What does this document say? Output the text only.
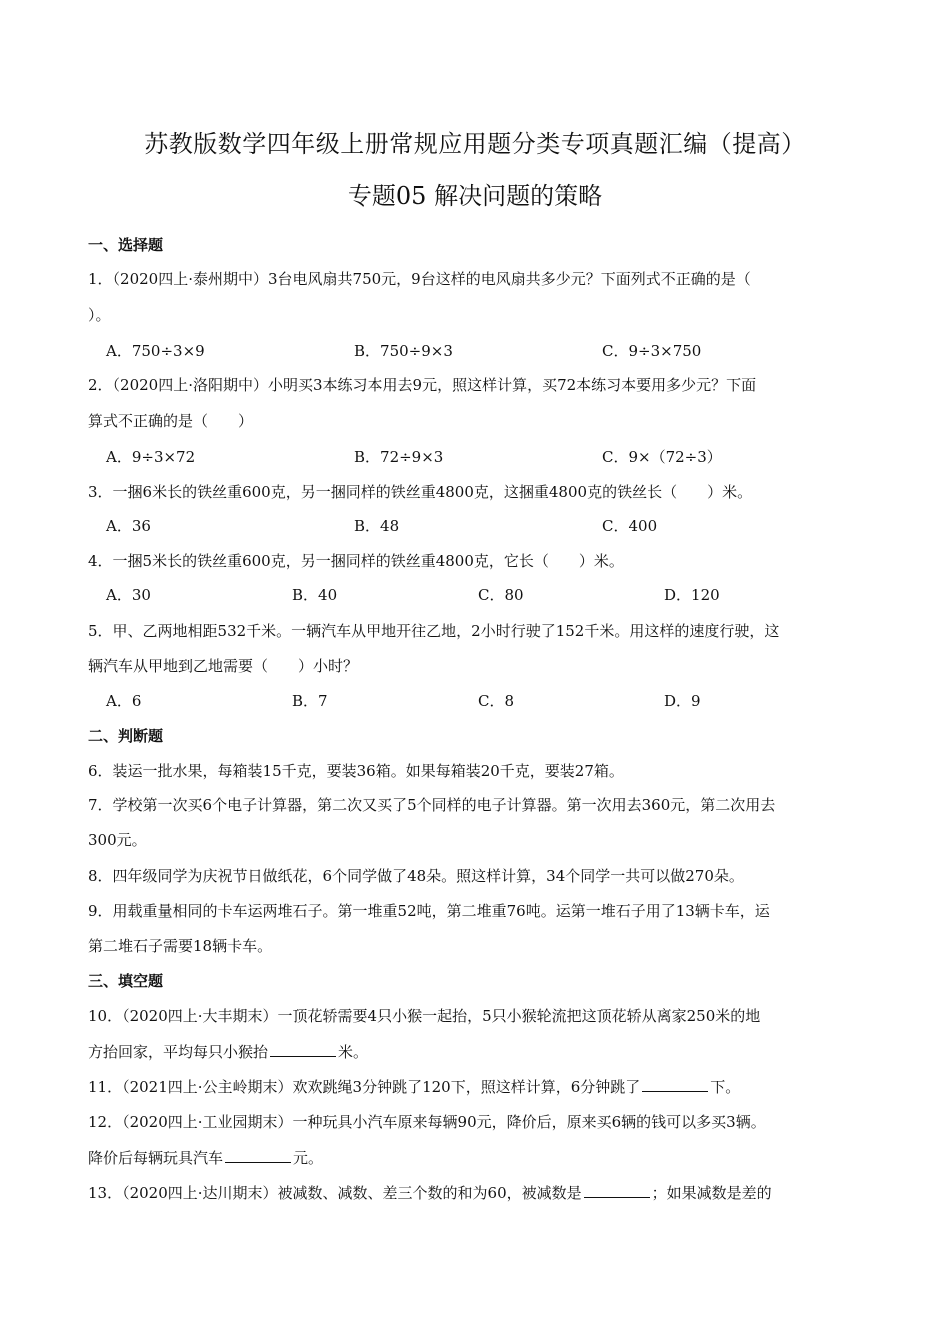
苏教版数学四年级上册常规应用题分类专项真题汇编（提高）
专题05 解决问题的策略
一、选择题
1．（2020四上·泰州期中）3台电风扇共750元，9台这样的电风扇共多少元？下面列式不正确的是（
）。
A．750÷3×9	B．750÷9×3	C．9÷3×750
2．（2020四上·洛阳期中）小明买3本练习本用去9元，照这样计算，买72本练习本要用多少元？下面
算式不正确的是（　　）
A．9÷3×72	B．72÷9×3	C．9×（72÷3）
3．一捆6米长的铁丝重600克，另一捆同样的铁丝重4800克，这捆重4800克的铁丝长（　　）米。
A．36	B．48	C．400
4．一捆5米长的铁丝重600克，另一捆同样的铁丝重4800克，它长（　　）米。
A．30	B．40	C．80	D．120
5．甲、乙两地相距532千米。一辆汽车从甲地开往乙地，2小时行驶了152千米。用这样的速度行驶，这
辆汽车从甲地到乙地需要（　　）小时？
A．6	B．7	C．8	D．9
二、判断题
6．装运一批水果，每箱装15千克，要装36箱。如果每箱装20千克，要装27箱。
7．学校第一次买6个电子计算器，第二次又买了5个同样的电子计算器。第一次用去360元，第二次用去
300元。
8．四年级同学为庆祝节日做纸花，6个同学做了48朵。照这样计算，34个同学一共可以做270朵。
9．用载重量相同的卡车运两堆石子。第一堆重52吨，第二堆重76吨。运第一堆石子用了13辆卡车，运
第二堆石子需要18辆卡车。
三、填空题
10．（2020四上·大丰期末）一顶花轿需要4只小猴一起抬，5只小猴轮流把这顶花轿从离家250米的地
方抬回家，平均每只小猴抬	米。
11．（2021四上·公主岭期末）欢欢跳绳3分钟跳了120下，照这样计算，6分钟跳了	下。
12．（2020四上·工业园期末）一种玩具小汽车原来每辆90元，降价后，原来买6辆的钱可以多买3辆。
降价后每辆玩具汽车	元。
13．（2020四上·达川期末）被减数、减数、差三个数的和为60，被减数是	；如果减数是差的
